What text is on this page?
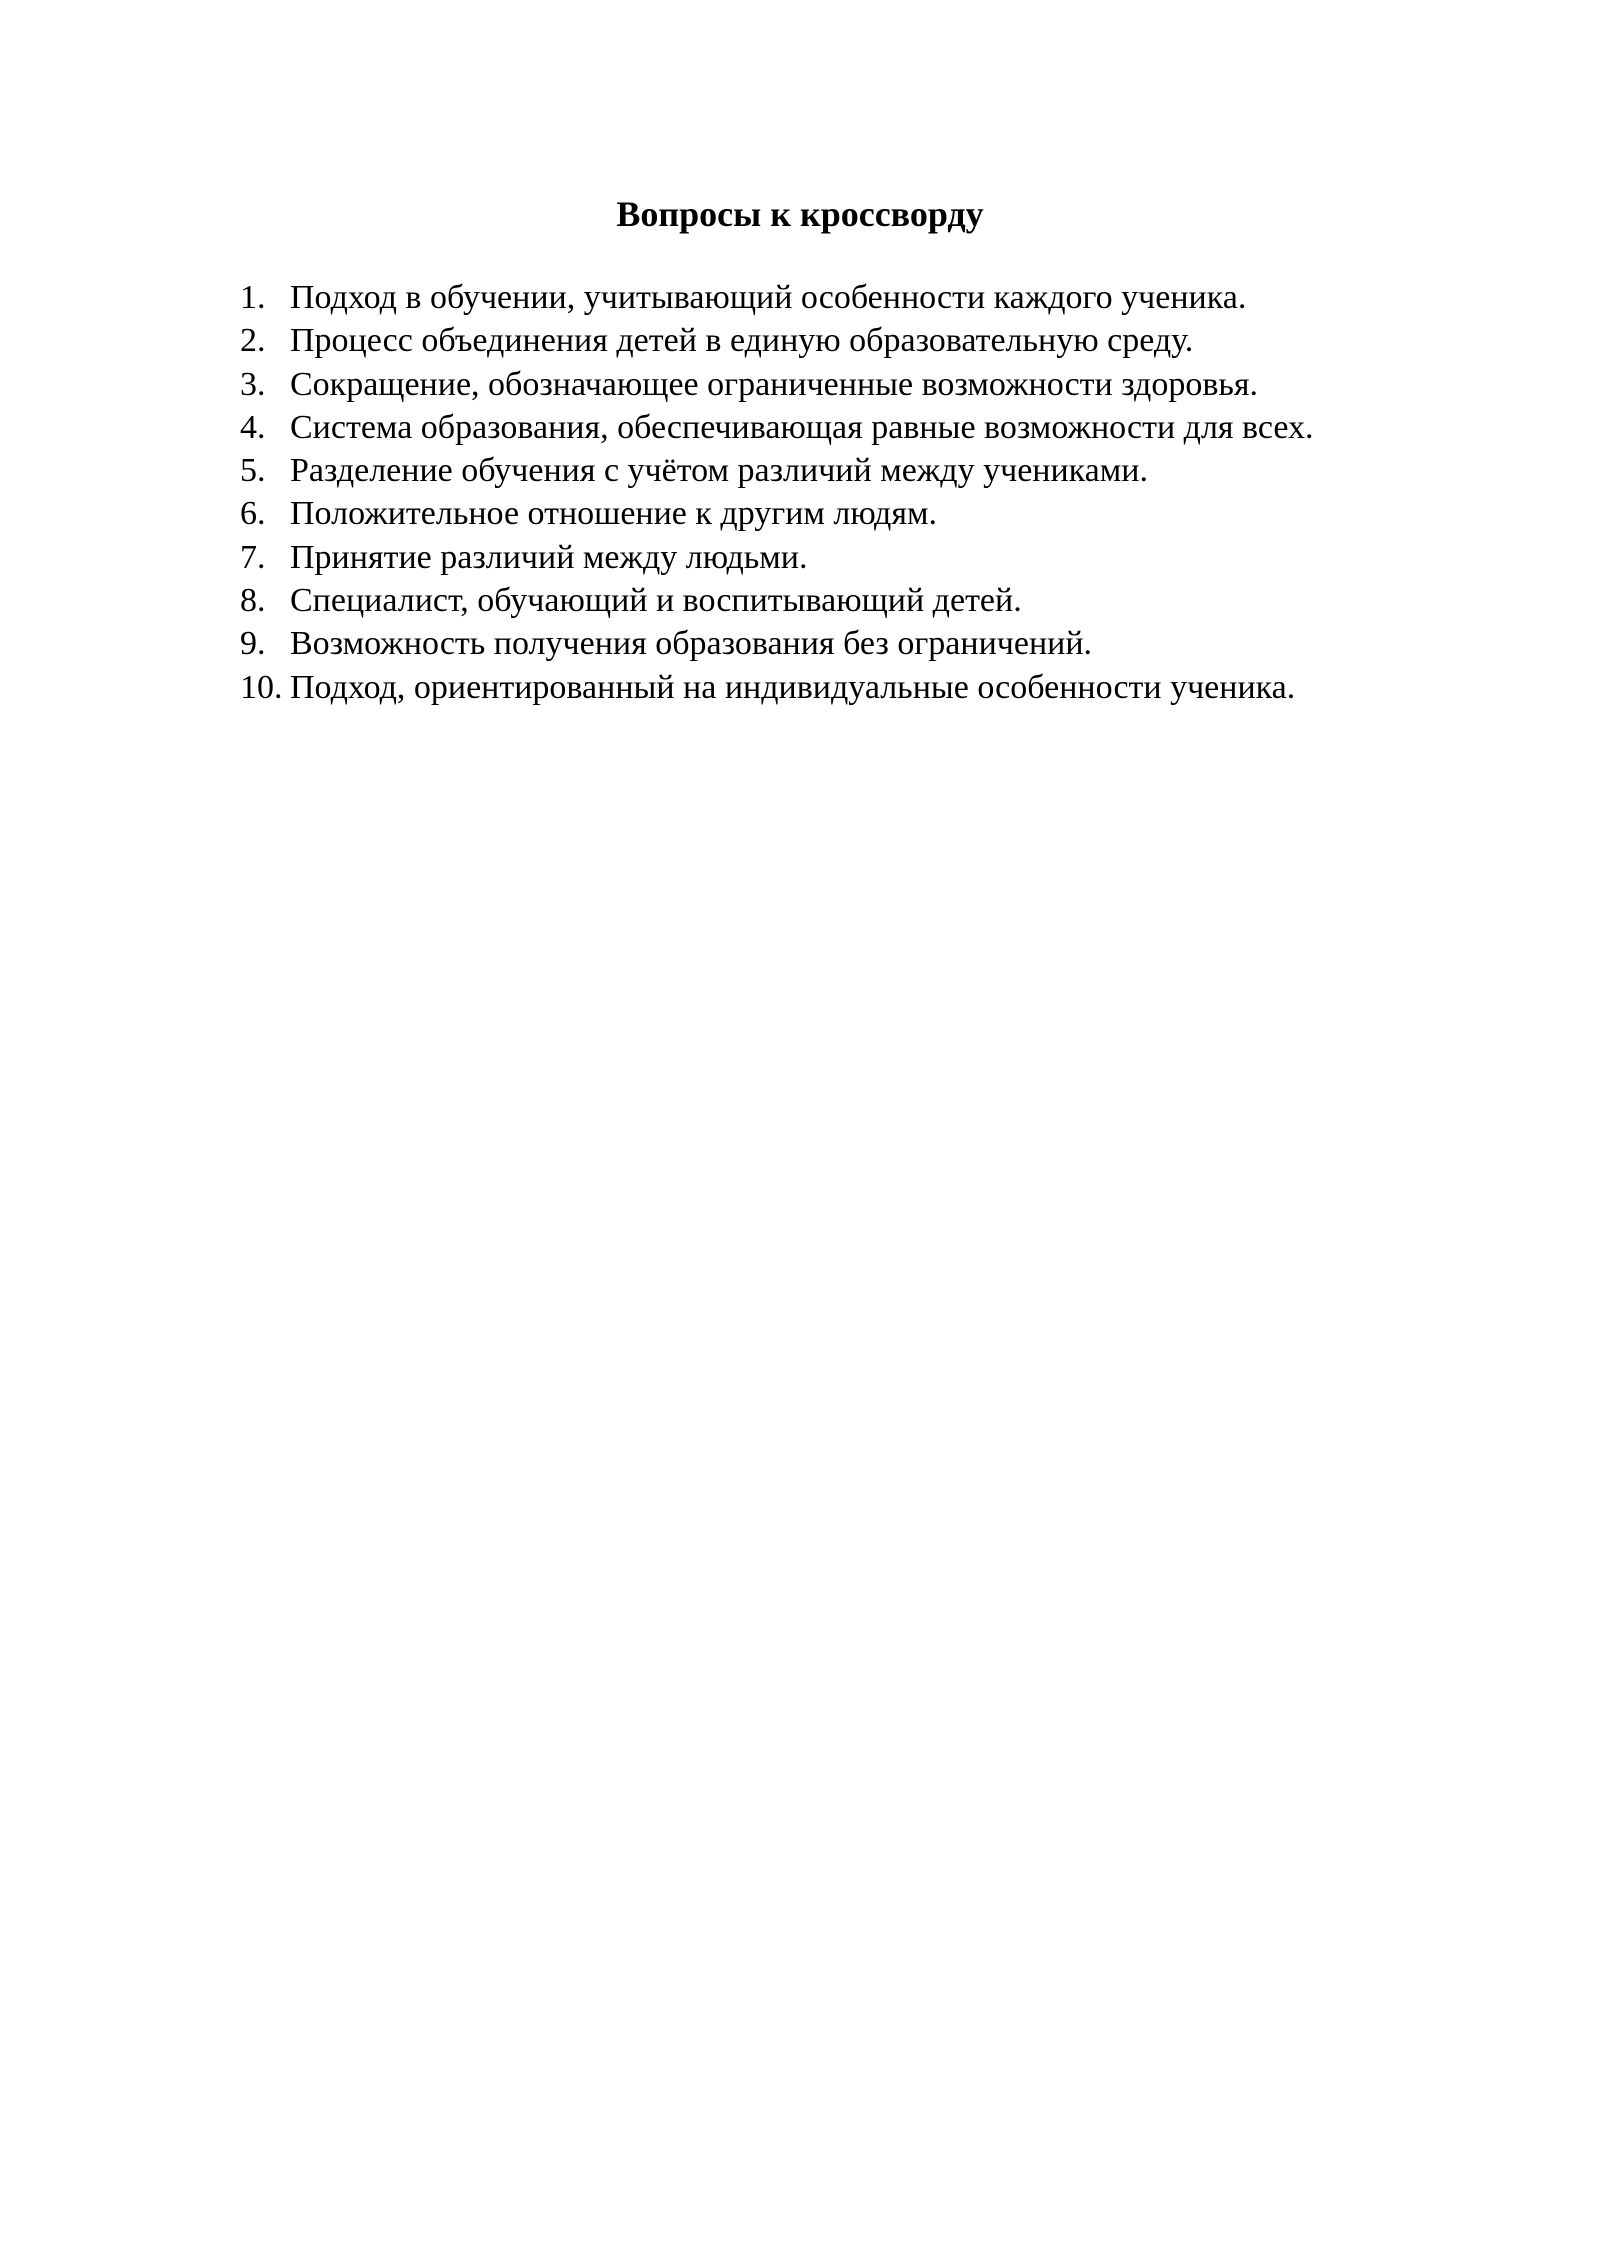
Вопросы к кроссворду
1. Подход в обучении, учитывающий особенности каждого ученика.
2. Процесс объединения детей в единую образовательную среду.
3. Сокращение, обозначающее ограниченные возможности здоровья.
4. Система образования, обеспечивающая равные возможности для всех.
5. Разделение обучения с учётом различий между учениками.
6. Положительное отношение к другим людям.
7. Принятие различий между людьми.
8. Специалист, обучающий и воспитывающий детей.
9. Возможность получения образования без ограничений.
10. Подход, ориентированный на индивидуальные особенности ученика.
